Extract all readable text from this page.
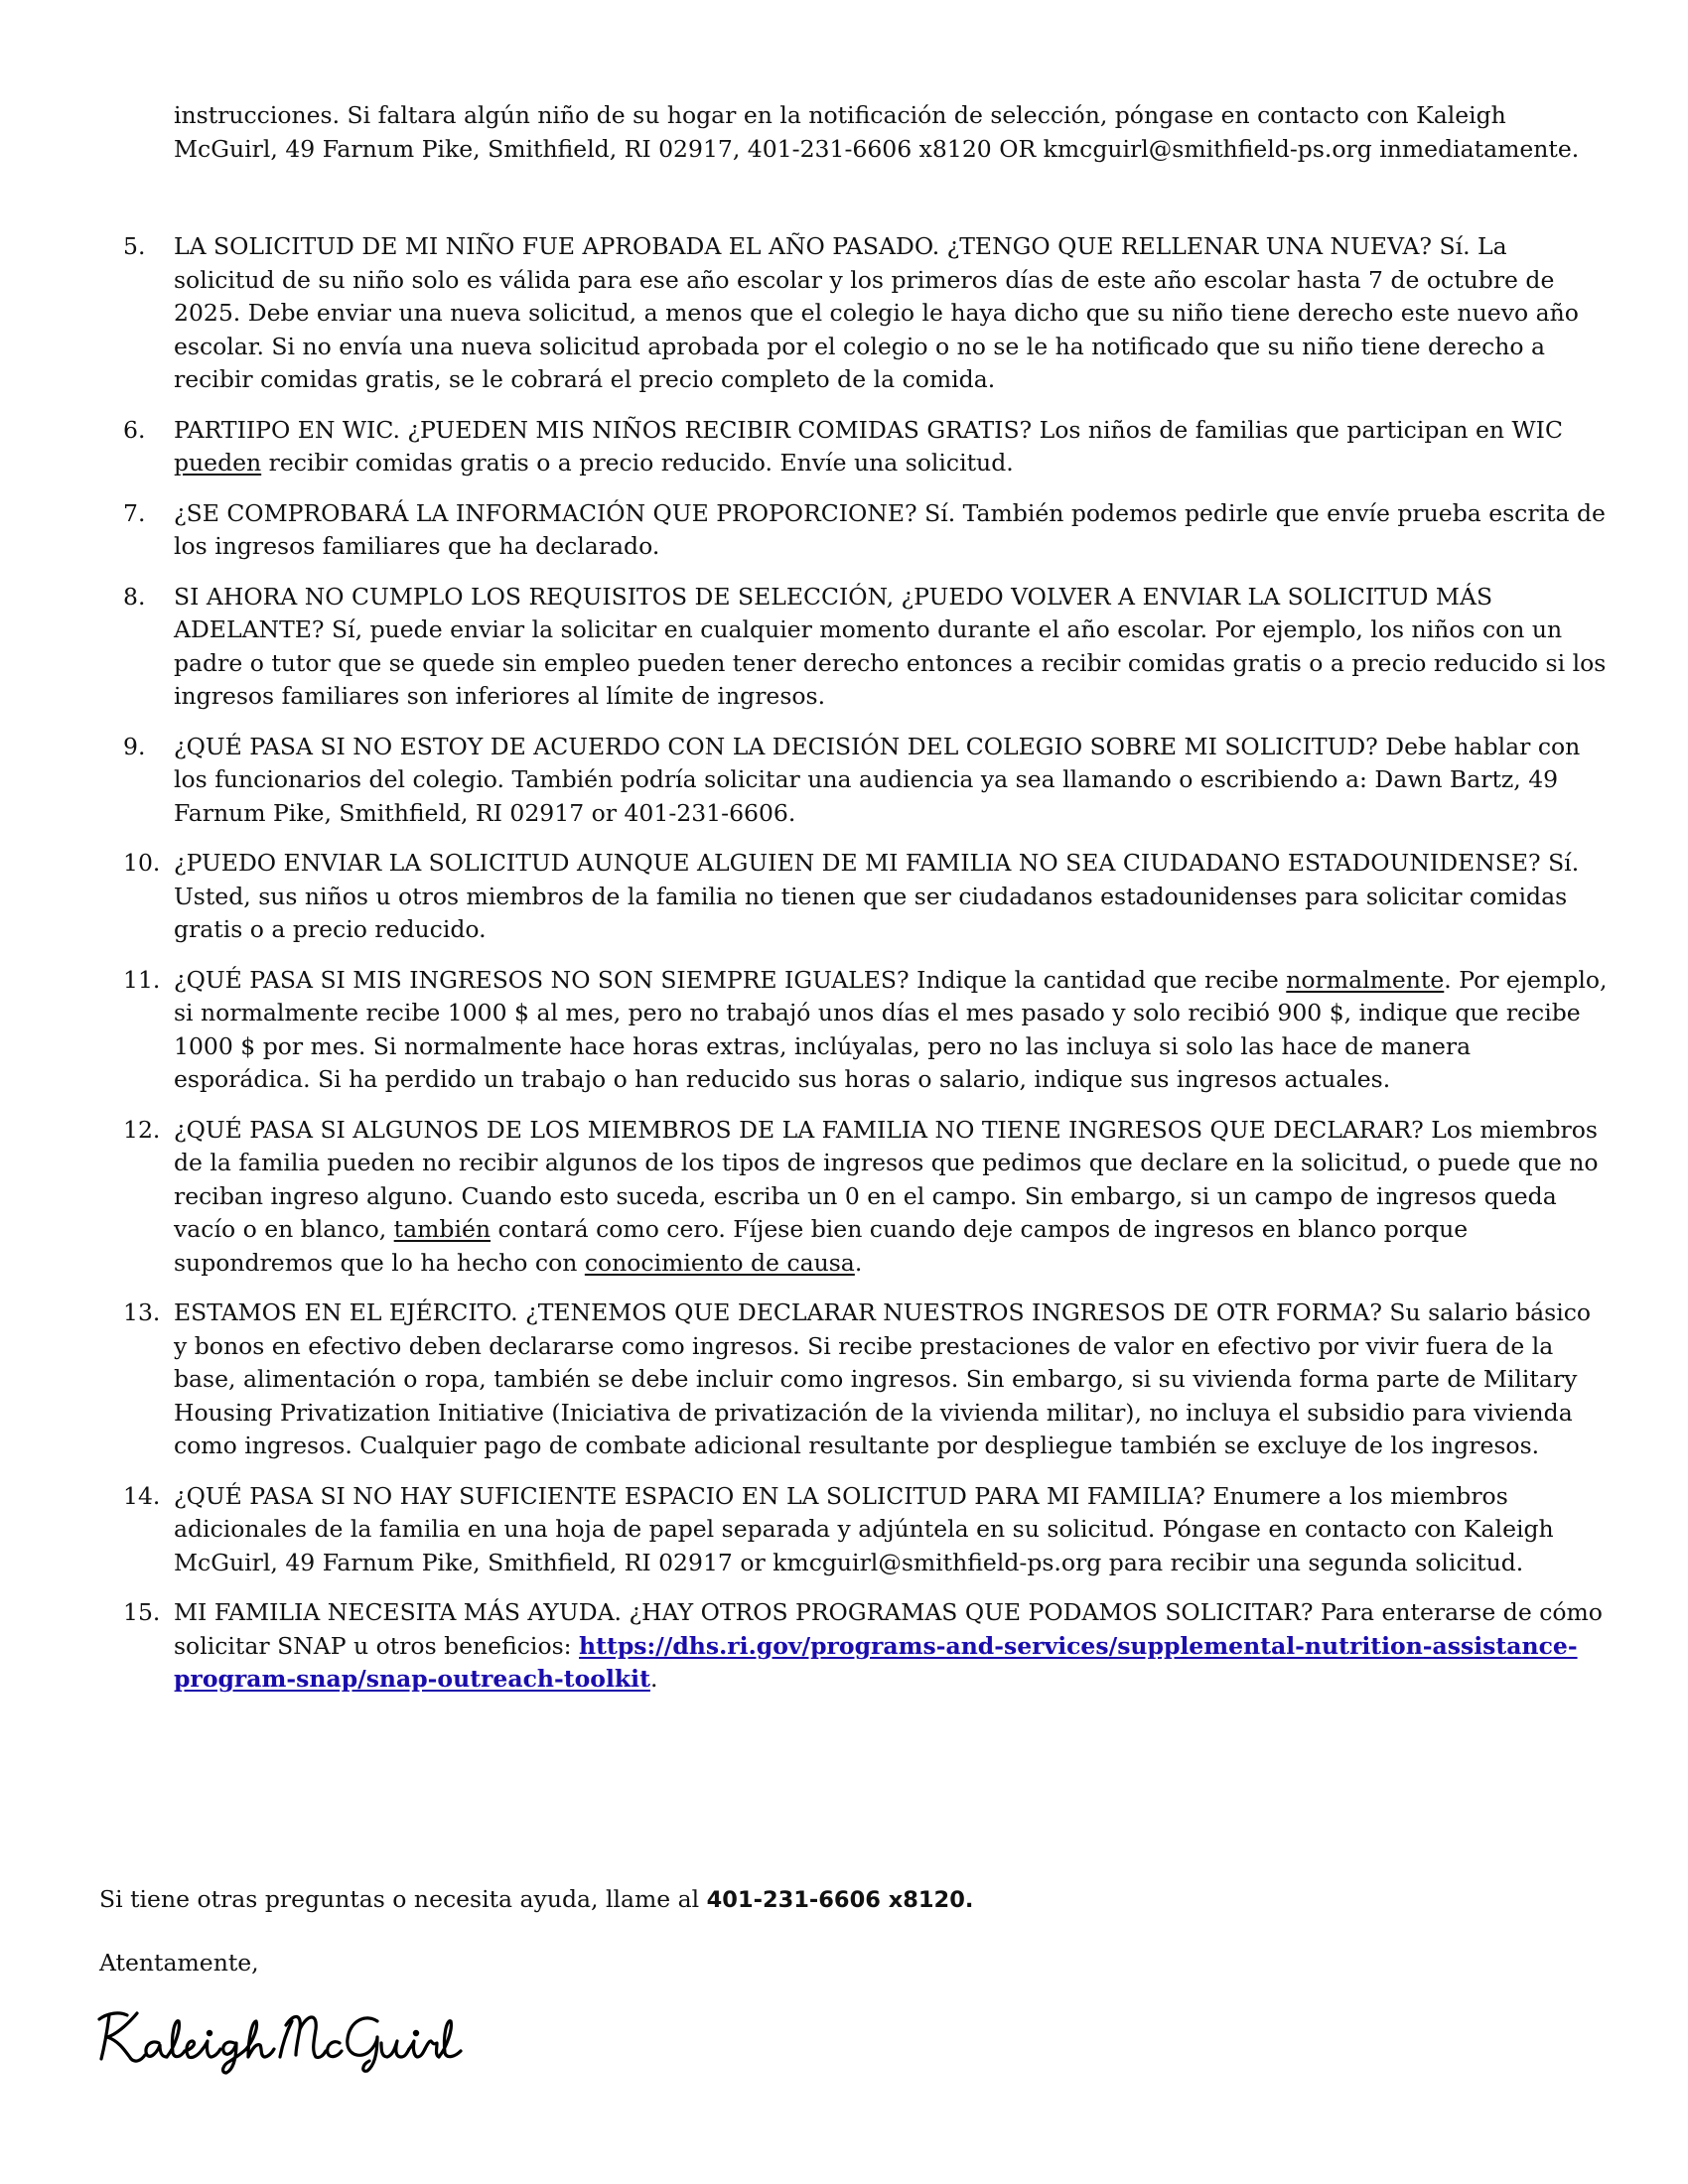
instrucciones. Si faltara algún niño de su hogar en la notificación de selección, póngase en contacto con Kaleigh McGuirl, 49 Farnum Pike, Smithfield, RI 02917, 401-231-6606 x8120 OR kmcguirl@smithfield-ps.org inmediatamente.

5.	LA SOLICITUD DE MI NIÑO FUE APROBADA EL AÑO PASADO. ¿TENGO QUE RELLENAR UNA NUEVA? Sí. La solicitud de su niño solo es válida para ese año escolar y los primeros días de este año escolar hasta 7 de octubre de 2025. Debe enviar una nueva solicitud, a menos que el colegio le haya dicho que su niño tiene derecho este nuevo año escolar. Si no envía una nueva solicitud aprobada por el colegio o no se le ha notificado que su niño tiene derecho a recibir comidas gratis, se le cobrará el precio completo de la comida.
6.	PARTIIPO EN WIC. ¿PUEDEN MIS NIÑOS RECIBIR COMIDAS GRATIS? Los niños de familias que participan en WIC pueden recibir comidas gratis o a precio reducido. Envíe una solicitud.
7.	¿SE COMPROBARÁ LA INFORMACIÓN QUE PROPORCIONE? Sí. También podemos pedirle que envíe prueba escrita de los ingresos familiares que ha declarado.
8.	SI AHORA NO CUMPLO LOS REQUISITOS DE SELECCIÓN, ¿PUEDO VOLVER A ENVIAR LA SOLICITUD MÁS ADELANTE? Sí, puede enviar la solicitar en cualquier momento durante el año escolar. Por ejemplo, los niños con un padre o tutor que se quede sin empleo pueden tener derecho entonces a recibir comidas gratis o a precio reducido si los ingresos familiares son inferiores al límite de ingresos.
9.	¿QUÉ PASA SI NO ESTOY DE ACUERDO CON LA DECISIÓN DEL COLEGIO SOBRE MI SOLICITUD? Debe hablar con los funcionarios del colegio. También podría solicitar una audiencia ya sea llamando o escribiendo a: Dawn Bartz, 49 Farnum Pike, Smithfield, RI 02917 or 401-231-6606.
10. ¿PUEDO ENVIAR LA SOLICITUD AUNQUE ALGUIEN DE MI FAMILIA NO SEA CIUDADANO ESTADOUNIDENSE? Sí. Usted, sus niños u otros miembros de la familia no tienen que ser ciudadanos estadounidenses para solicitar comidas gratis o a precio reducido.
11. ¿QUÉ PASA SI MIS INGRESOS NO SON SIEMPRE IGUALES? Indique la cantidad que recibe normalmente. Por ejemplo, si normalmente recibe 1000 $ al mes, pero no trabajó unos días el mes pasado y solo recibió 900 $, indique que recibe 1000 $ por mes. Si normalmente hace horas extras, inclúyalas, pero no las incluya si solo las hace de manera esporádica. Si ha perdido un trabajo o han reducido sus horas o salario, indique sus ingresos actuales.
12. ¿QUÉ PASA SI ALGUNOS DE LOS MIEMBROS DE LA FAMILIA NO TIENE INGRESOS QUE DECLARAR? Los miembros de la familia pueden no recibir algunos de los tipos de ingresos que pedimos que declare en la solicitud, o puede que no reciban ingreso alguno. Cuando esto suceda, escriba un 0 en el campo. Sin embargo, si un campo de ingresos queda vacío o en blanco, también contará como cero. Fíjese bien cuando deje campos de ingresos en blanco porque supondremos que lo ha hecho con conocimiento de causa.
13. ESTAMOS EN EL EJÉRCITO. ¿TENEMOS QUE DECLARAR NUESTROS INGRESOS DE OTR FORMA? Su salario básico y bonos en efectivo deben declararse como ingresos. Si recibe prestaciones de valor en efectivo por vivir fuera de la base, alimentación o ropa, también se debe incluir como ingresos. Sin embargo, si su vivienda forma parte de Military Housing Privatization Initiative (Iniciativa de privatización de la vivienda militar), no incluya el subsidio para vivienda como ingresos. Cualquier pago de combate adicional resultante por despliegue también se excluye de los ingresos.
14. ¿QUÉ PASA SI NO HAY SUFICIENTE ESPACIO EN LA SOLICITUD PARA MI FAMILIA? Enumere a los miembros adicionales de la familia en una hoja de papel separada y adjúntela en su solicitud. Póngase en contacto con Kaleigh McGuirl, 49 Farnum Pike, Smithfield, RI 02917 or kmcguirl@smithfield-ps.org para recibir una segunda solicitud.
15. MI FAMILIA NECESITA MÁS AYUDA. ¿HAY OTROS PROGRAMAS QUE PODAMOS SOLICITAR? Para enterarse de cómo solicitar SNAP u otros beneficios: https://dhs.ri.gov/programs-and-services/supplemental-nutrition-assistance-program-snap/snap-outreach-toolkit.

Si tiene otras preguntas o necesita ayuda, llame al 401-231-6606 x8120.

Atentamente,
